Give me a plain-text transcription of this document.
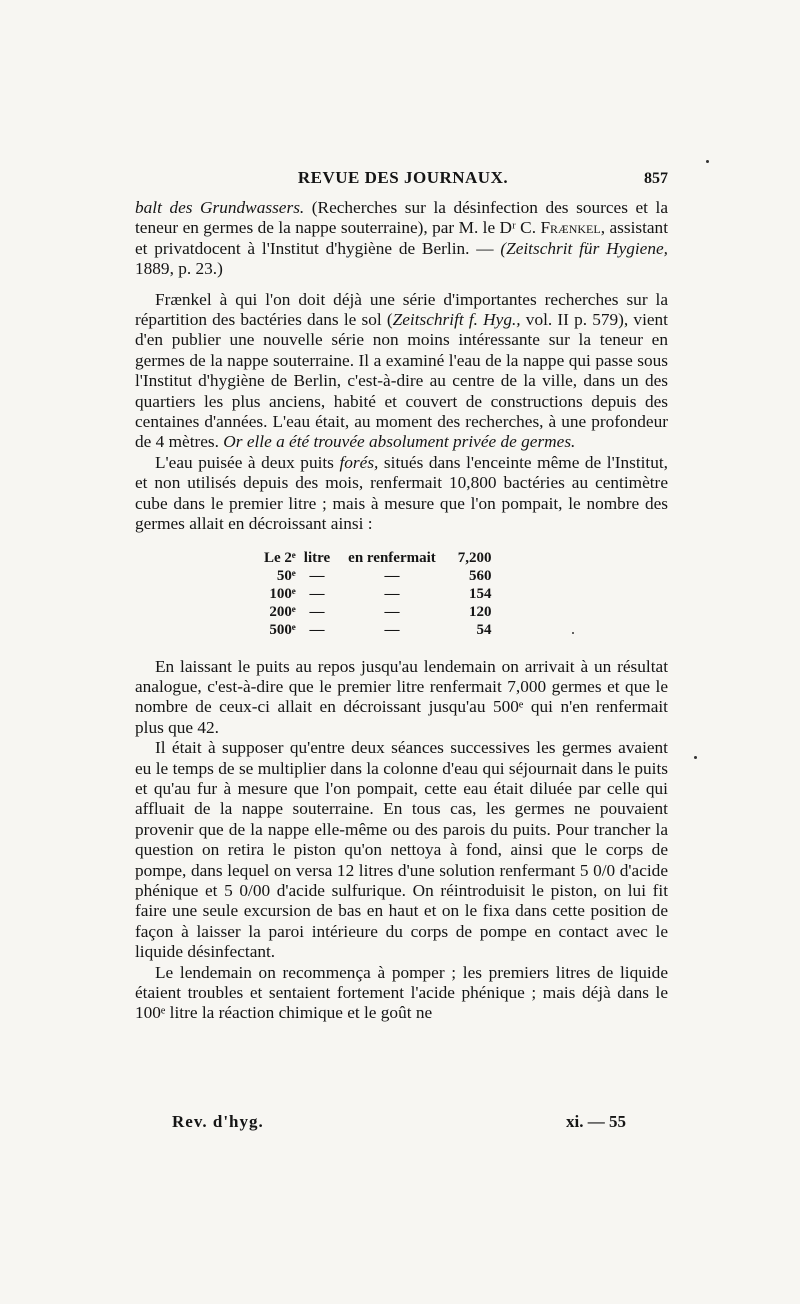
REVUE DES JOURNAUX.	857

balt des Grundwassers. (Recherches sur la désinfection des sources et la teneur en germes de la nappe souterraine), par M. le Dʳ C. Frænkel, assistant et privatdocent à l'Institut d'hygiène de Berlin. — (Zeitschrit für Hygiene, 1889, p. 23.)

Frænkel à qui l'on doit déjà une série d'importantes recherches sur la répartition des bactéries dans le sol (Zeitschrift f. Hyg., vol. II p. 579), vient d'en publier une nouvelle série non moins intéressante sur la teneur en germes de la nappe souterraine. Il a examiné l'eau de la nappe qui passe sous l'Institut d'hygiène de Berlin, c'est-à-dire au centre de la ville, dans un des quartiers les plus anciens, habité et couvert de constructions depuis des centaines d'années. L'eau était, au moment des recherches, à une profondeur de 4 mètres. Or elle a été trouvée absolument privée de germes.

L'eau puisée à deux puits forés, situés dans l'enceinte même de l'Institut, et non utilisés depuis des mois, renfermait 10,800 bactéries au centimètre cube dans le premier litre ; mais à mesure que l'on pompait, le nombre des germes allait en décroissant ainsi :

Le 2ᵉ	litre	en renfermait	7,200
50ᵉ	—	—	560
100ᵉ	—	—	154
200ᵉ	—	—	120
500ᵉ	—	—	54

En laissant le puits au repos jusqu'au lendemain on arrivait à un résultat analogue, c'est-à-dire que le premier litre renfermait 7,000 germes et que le nombre de ceux-ci allait en décroissant jusqu'au 500ᵉ qui n'en renfermait plus que 42.

Il était à supposer qu'entre deux séances successives les germes avaient eu le temps de se multiplier dans la colonne d'eau qui séjournait dans le puits et qu'au fur à mesure que l'on pompait, cette eau était diluée par celle qui affluait de la nappe souterraine. En tous cas, les germes ne pouvaient provenir que de la nappe elle-même ou des parois du puits. Pour trancher la question on retira le piston qu'on nettoya à fond, ainsi que le corps de pompe, dans lequel on versa 12 litres d'une solution renfermant 5 0/0 d'acide phénique et 5 0/00 d'acide sulfurique. On réintroduisit le piston, on lui fit faire une seule excursion de bas en haut et on le fixa dans cette position de façon à laisser la paroi intérieure du corps de pompe en contact avec le liquide désinfectant.

Le lendemain on recommença à pomper ; les premiers litres de liquide étaient troubles et sentaient fortement l'acide phénique ; mais déjà dans le 100ᵉ litre la réaction chimique et le goût ne

Rev. d'hyg.	xi. — 55
